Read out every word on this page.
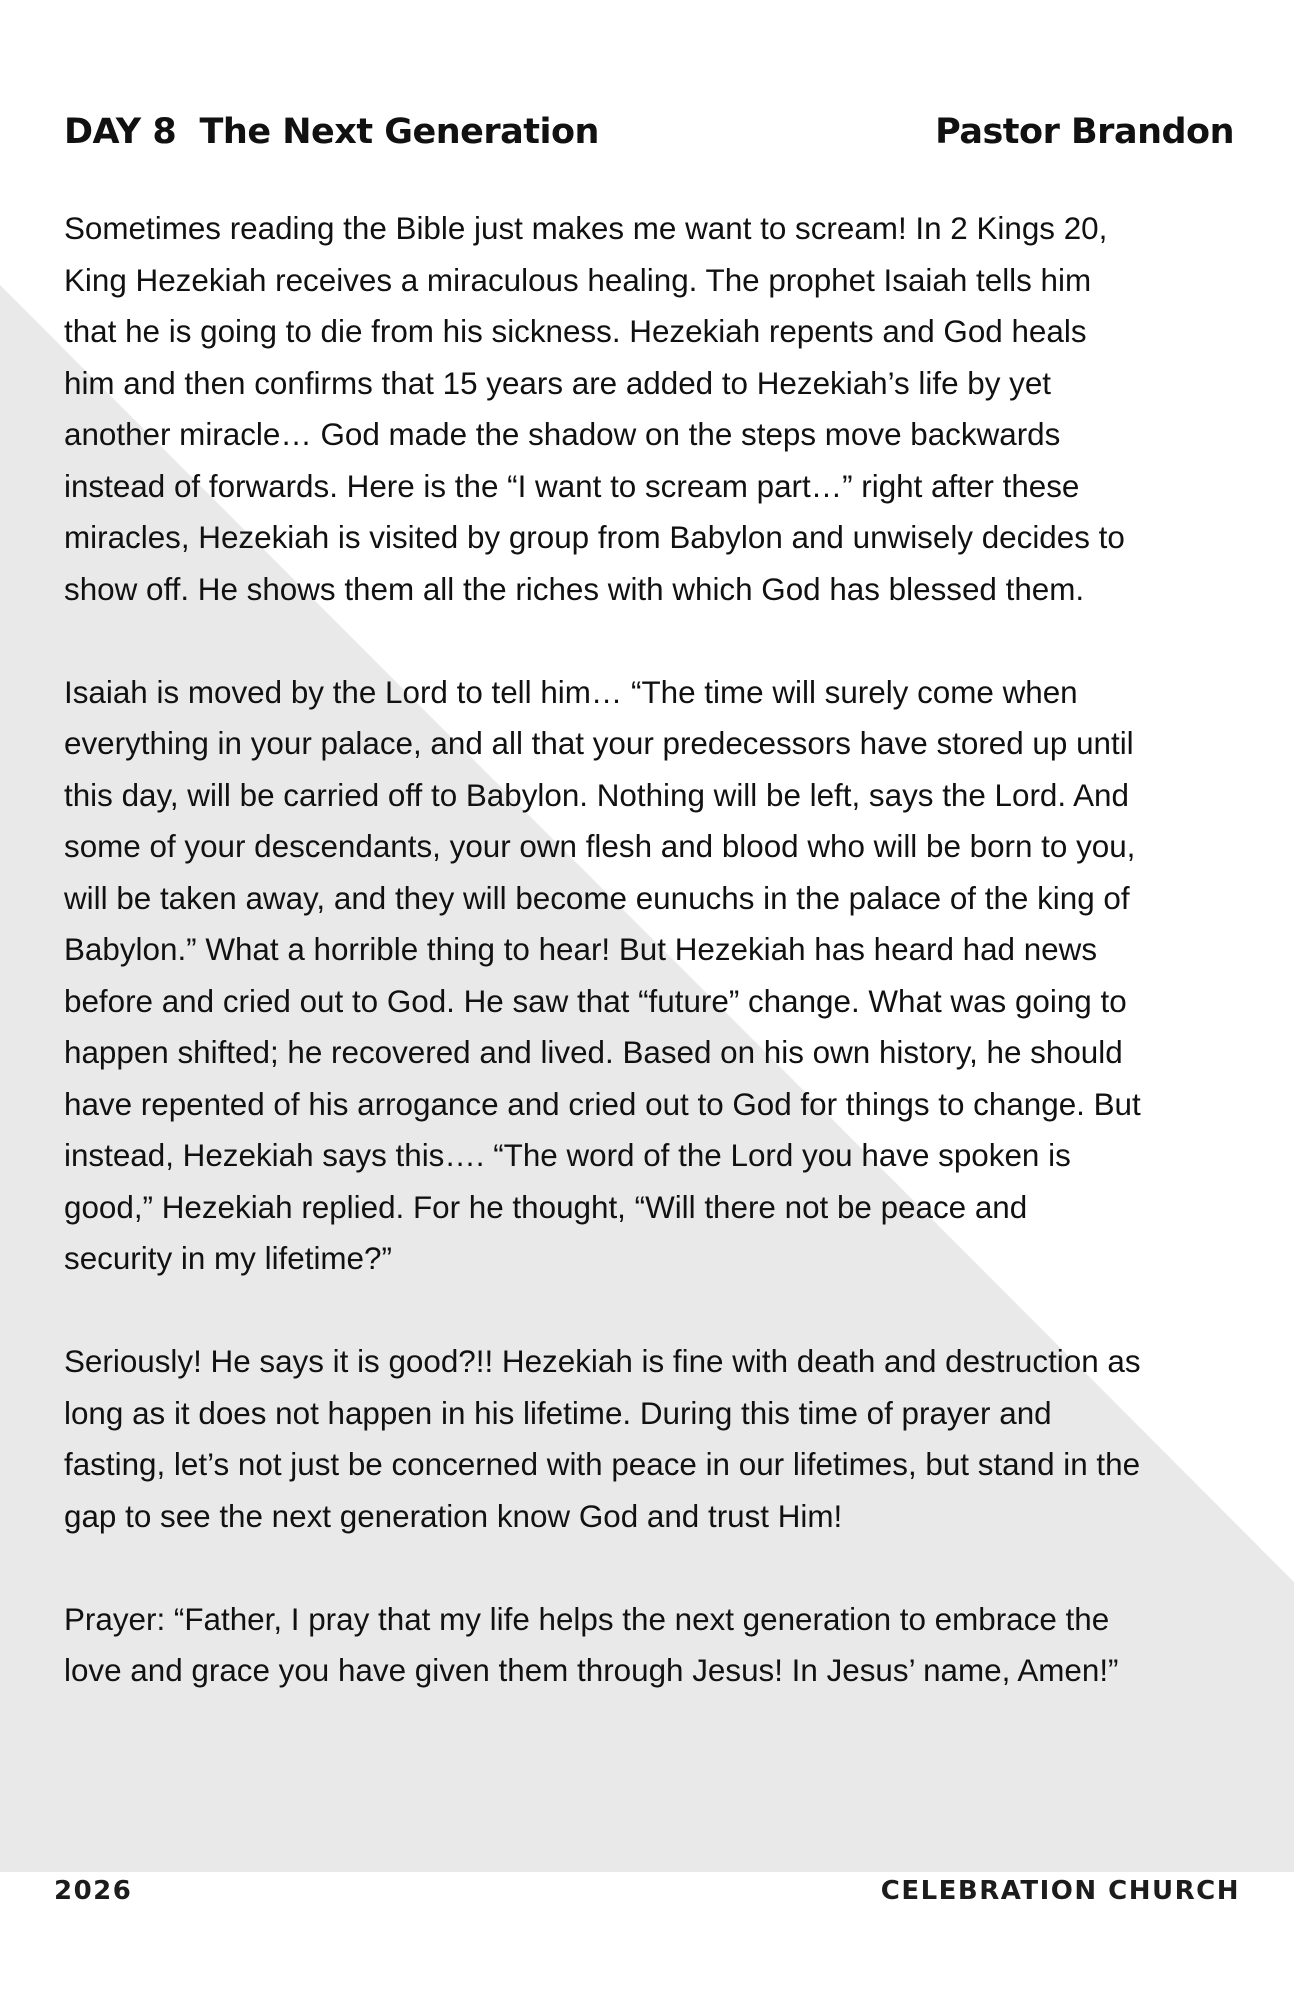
DAY 8  The Next Generation	Pastor Brandon

Sometimes reading the Bible just makes me want to scream! In 2 Kings 20,
King Hezekiah receives a miraculous healing. The prophet Isaiah tells him
that he is going to die from his sickness. Hezekiah repents and God heals
him and then confirms that 15 years are added to Hezekiah’s life by yet
another miracle… God made the shadow on the steps move backwards
instead of forwards. Here is the “I want to scream part…” right after these
miracles, Hezekiah is visited by group from Babylon and unwisely decides to
show off. He shows them all the riches with which God has blessed them.

Isaiah is moved by the Lord to tell him… “The time will surely come when
everything in your palace, and all that your predecessors have stored up until
this day, will be carried off to Babylon. Nothing will be left, says the Lord. And
some of your descendants, your own flesh and blood who will be born to you,
will be taken away, and they will become eunuchs in the palace of the king of
Babylon.” What a horrible thing to hear! But Hezekiah has heard had news
before and cried out to God. He saw that “future” change. What was going to
happen shifted; he recovered and lived. Based on his own history, he should
have repented of his arrogance and cried out to God for things to change. But
instead, Hezekiah says this…. “The word of the Lord you have spoken is
good,” Hezekiah replied. For he thought, “Will there not be peace and
security in my lifetime?”

Seriously! He says it is good?!! Hezekiah is fine with death and destruction as
long as it does not happen in his lifetime. During this time of prayer and
fasting, let’s not just be concerned with peace in our lifetimes, but stand in the
gap to see the next generation know God and trust Him!

Prayer: “Father, I pray that my life helps the next generation to embrace the
love and grace you have given them through Jesus! In Jesus’ name, Amen!”

2026	CELEBRATION CHURCH
